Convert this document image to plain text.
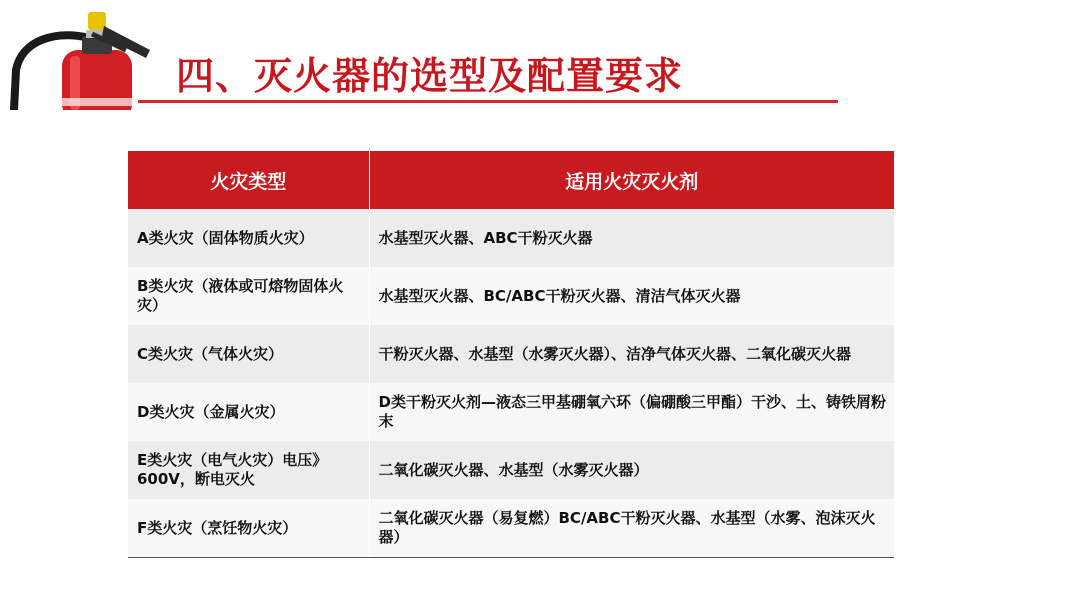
四、灭火器的选型及配置要求
火灾类型	适用火灾灭火剂
A类火灾（固体物质火灾）	水基型灭火器、ABC干粉灭火器
B类火灾（液体或可熔物固体火灾）	水基型灭火器、BC/ABC干粉灭火器、清洁气体灭火器
C类火灾（气体火灾）	干粉灭火器、水基型（水雾灭火器）、洁净气体灭火器、二氧化碳灭火器
D类火灾（金属火灾）	D类干粉灭火剂—液态三甲基硼氧六环（偏硼酸三甲酯）干沙、土、铸铁屑粉末
E类火灾（电气火灾）电压》600V，断电灭火	二氧化碳灭火器、水基型（水雾灭火器）
F类火灾（烹饪物火灾）	二氧化碳灭火器（易复燃）BC/ABC干粉灭火器、水基型（水雾、泡沫灭火器）
